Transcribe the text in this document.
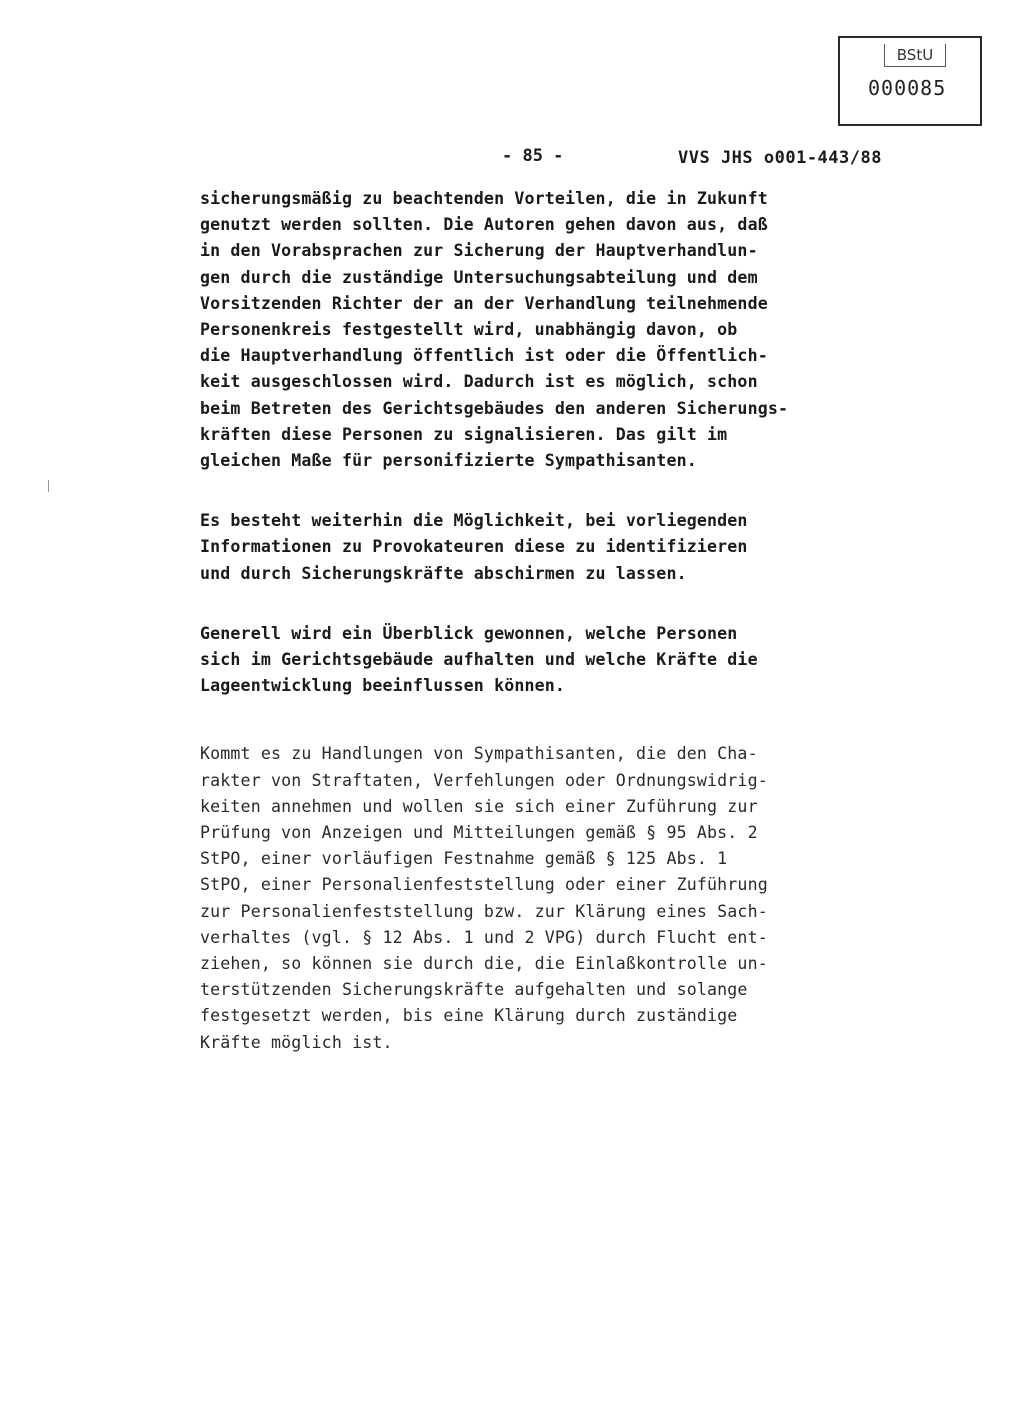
BStU
000085
- 85 -	VVS JHS o001-443/88
sicherungsmäßig zu beachtenden Vorteilen, die in Zukunft
genutzt werden sollten. Die Autoren gehen davon aus, daß
in den Vorabsprachen zur Sicherung der Hauptverhandlun-
gen durch die zuständige Untersuchungsabteilung und dem
Vorsitzenden Richter der an der Verhandlung teilnehmende
Personenkreis festgestellt wird, unabhängig davon, ob
die Hauptverhandlung öffentlich ist oder die Öffentlich-
keit ausgeschlossen wird. Dadurch ist es möglich, schon
beim Betreten des Gerichtsgebäudes den anderen Sicherungs-
kräften diese Personen zu signalisieren. Das gilt im
gleichen Maße für personifizierte Sympathisanten.
Es besteht weiterhin die Möglichkeit, bei vorliegenden
Informationen zu Provokateuren diese zu identifizieren
und durch Sicherungskräfte abschirmen zu lassen.
Generell wird ein Überblick gewonnen, welche Personen
sich im Gerichtsgebäude aufhalten und welche Kräfte die
Lageentwicklung beeinflussen können.
Kommt es zu Handlungen von Sympathisanten, die den Cha-
rakter von Straftaten, Verfehlungen oder Ordnungswidrig-
keiten annehmen und wollen sie sich einer Zuführung zur
Prüfung von Anzeigen und Mitteilungen gemäß § 95 Abs. 2
StPO, einer vorläufigen Festnahme gemäß § 125 Abs. 1
StPO, einer Personalienfeststellung oder einer Zuführung
zur Personalienfeststellung bzw. zur Klärung eines Sach-
verhaltes (vgl. § 12 Abs. 1 und 2 VPG) durch Flucht ent-
ziehen, so können sie durch die, die Einlaßkontrolle un-
terstützenden Sicherungskräfte aufgehalten und solange
festgesetzt werden, bis eine Klärung durch zuständige
Kräfte möglich ist.
